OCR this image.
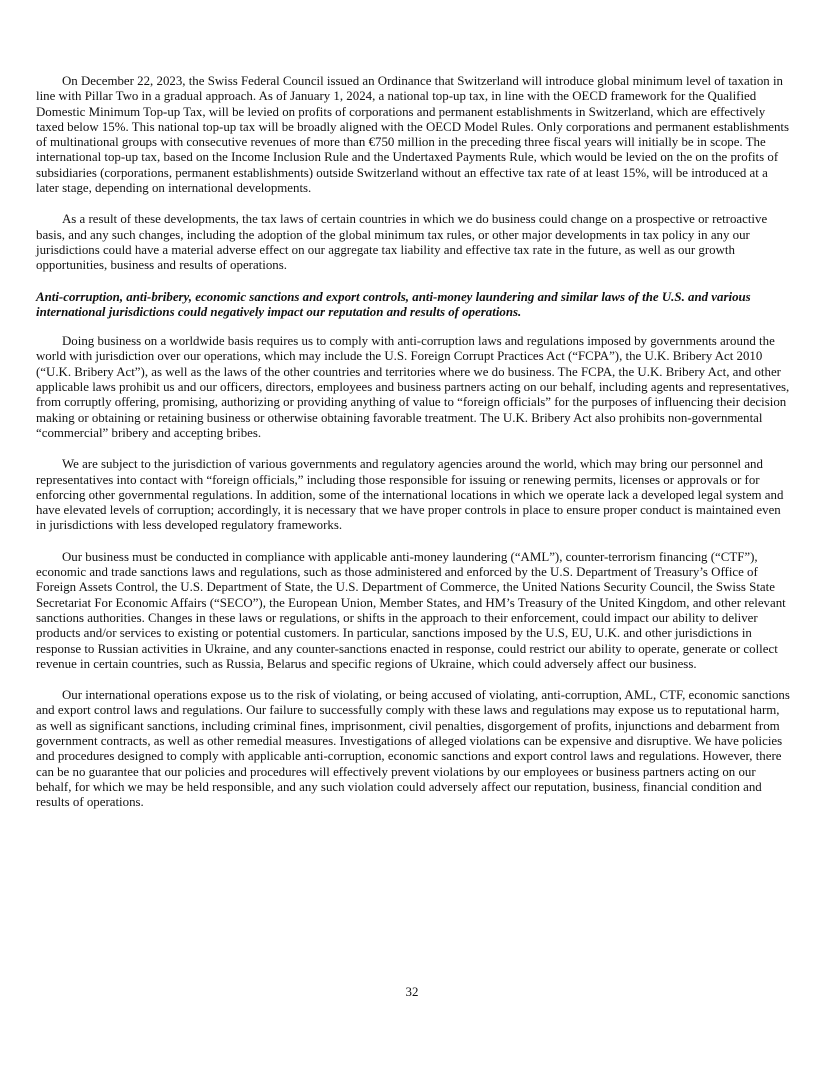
On December 22, 2023, the Swiss Federal Council issued an Ordinance that Switzerland will introduce global minimum level of taxation in line with Pillar Two in a gradual approach. As of January 1, 2024, a national top-up tax, in line with the OECD framework for the Qualified Domestic Minimum Top-up Tax, will be levied on profits of corporations and permanent establishments in Switzerland, which are effectively taxed below 15%. This national top-up tax will be broadly aligned with the OECD Model Rules. Only corporations and permanent establishments of multinational groups with consecutive revenues of more than €750 million in the preceding three fiscal years will initially be in scope. The international top-up tax, based on the Income Inclusion Rule and the Undertaxed Payments Rule, which would be levied on the on the profits of subsidiaries (corporations, permanent establishments) outside Switzerland without an effective tax rate of at least 15%, will be introduced at a later stage, depending on international developments.

As a result of these developments, the tax laws of certain countries in which we do business could change on a prospective or retroactive basis, and any such changes, including the adoption of the global minimum tax rules, or other major developments in tax policy in any our jurisdictions could have a material adverse effect on our aggregate tax liability and effective tax rate in the future, as well as our growth opportunities, business and results of operations.

Anti-corruption, anti-bribery, economic sanctions and export controls, anti-money laundering and similar laws of the U.S. and various international jurisdictions could negatively impact our reputation and results of operations.

Doing business on a worldwide basis requires us to comply with anti-corruption laws and regulations imposed by governments around the world with jurisdiction over our operations, which may include the U.S. Foreign Corrupt Practices Act (“FCPA”), the U.K. Bribery Act 2010 (“U.K. Bribery Act”), as well as the laws of the other countries and territories where we do business. The FCPA, the U.K. Bribery Act, and other applicable laws prohibit us and our officers, directors, employees and business partners acting on our behalf, including agents and representatives, from corruptly offering, promising, authorizing or providing anything of value to “foreign officials” for the purposes of influencing their decision making or obtaining or retaining business or otherwise obtaining favorable treatment. The U.K. Bribery Act also prohibits non-governmental “commercial” bribery and accepting bribes.

We are subject to the jurisdiction of various governments and regulatory agencies around the world, which may bring our personnel and representatives into contact with “foreign officials,” including those responsible for issuing or renewing permits, licenses or approvals or for enforcing other governmental regulations. In addition, some of the international locations in which we operate lack a developed legal system and have elevated levels of corruption; accordingly, it is necessary that we have proper controls in place to ensure proper conduct is maintained even in jurisdictions with less developed regulatory frameworks.

Our business must be conducted in compliance with applicable anti-money laundering (“AML”), counter-terrorism financing (“CTF”), economic and trade sanctions laws and regulations, such as those administered and enforced by the U.S. Department of Treasury’s Office of Foreign Assets Control, the U.S. Department of State, the U.S. Department of Commerce, the United Nations Security Council, the Swiss State Secretariat For Economic Affairs (“SECO”), the European Union, Member States, and HM’s Treasury of the United Kingdom, and other relevant sanctions authorities. Changes in these laws or regulations, or shifts in the approach to their enforcement, could impact our ability to deliver products and/or services to existing or potential customers. In particular, sanctions imposed by the U.S, EU, U.K. and other jurisdictions in response to Russian activities in Ukraine, and any counter-sanctions enacted in response, could restrict our ability to operate, generate or collect revenue in certain countries, such as Russia, Belarus and specific regions of Ukraine, which could adversely affect our business.

Our international operations expose us to the risk of violating, or being accused of violating, anti-corruption, AML, CTF, economic sanctions and export control laws and regulations. Our failure to successfully comply with these laws and regulations may expose us to reputational harm, as well as significant sanctions, including criminal fines, imprisonment, civil penalties, disgorgement of profits, injunctions and debarment from government contracts, as well as other remedial measures. Investigations of alleged violations can be expensive and disruptive. We have policies and procedures designed to comply with applicable anti-corruption, economic sanctions and export control laws and regulations. However, there can be no guarantee that our policies and procedures will effectively prevent violations by our employees or business partners acting on our behalf, for which we may be held responsible, and any such violation could adversely affect our reputation, business, financial condition and results of operations.

32
